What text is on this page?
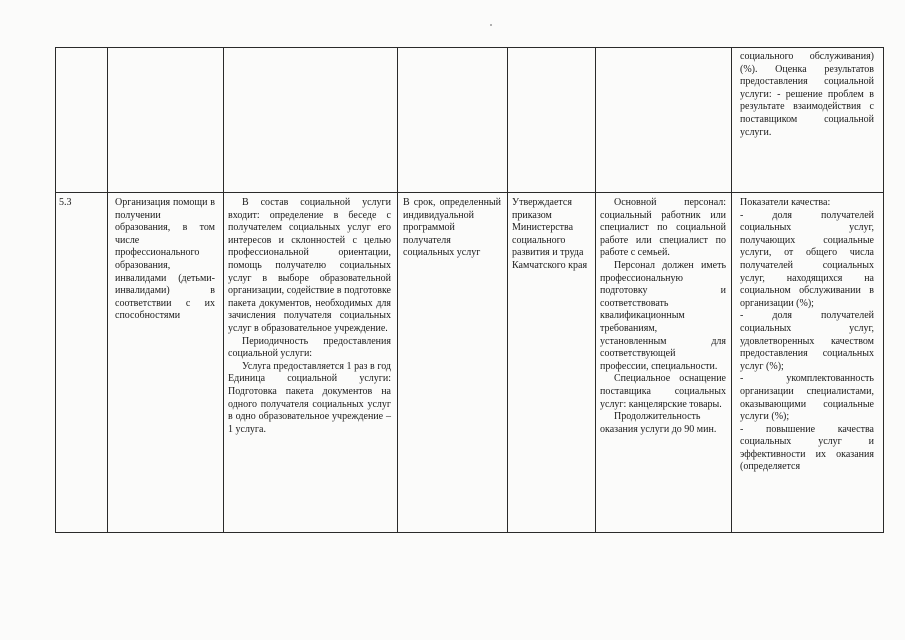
социального обслуживания) (%). Оценка результатов предоставления социальной услуги: - решение проблем в результате взаимодействия с поставщиком социальной услуги.
5.3	Организация помощи в получении образования, в том числе профессионального образования, инвалидами (детьми-инвалидами) в соответствии с их способностями
В состав социальной услуги входит: определение в беседе с получателем социальных услуг его интересов и склонностей с целью профессиональной ориентации, помощь получателю социальных услуг в выборе образовательной организации, содействие в подготовке пакета документов, необходимых для зачисления получателя социальных услуг в образовательное учреждение.
Периодичность предоставления социальной услуги:
Услуга предоставляется 1 раз в год Единица социальной услуги: Подготовка пакета документов на одного получателя социальных услуг в одно образовательное учреждение – 1 услуга.
В срок, определенный индивидуальной программой получателя социальных услуг
Утверждается приказом Министерства социального развития и труда Камчатского края
Основной персонал: социальный работник или специалист по социальной работе или специалист по работе с семьей.
Персонал должен иметь профессиональную подготовку и соответствовать квалификационным требованиям, установленным для соответствующей профессии, специальности.
Специальное оснащение поставщика социальных услуг: канцелярские товары.
Продолжительность оказания услуги до 90 мин.
Показатели качества:
- доля получателей социальных услуг, получающих социальные услуги, от общего числа получателей социальных услуг, находящихся на социальном обслуживании в организации (%);
- доля получателей социальных услуг, удовлетворенных качеством предоставления социальных услуг (%);
- укомплектованность организации специалистами, оказывающими социальные услуги (%);
- повышение качества социальных услуг и эффективности их оказания (определяется
